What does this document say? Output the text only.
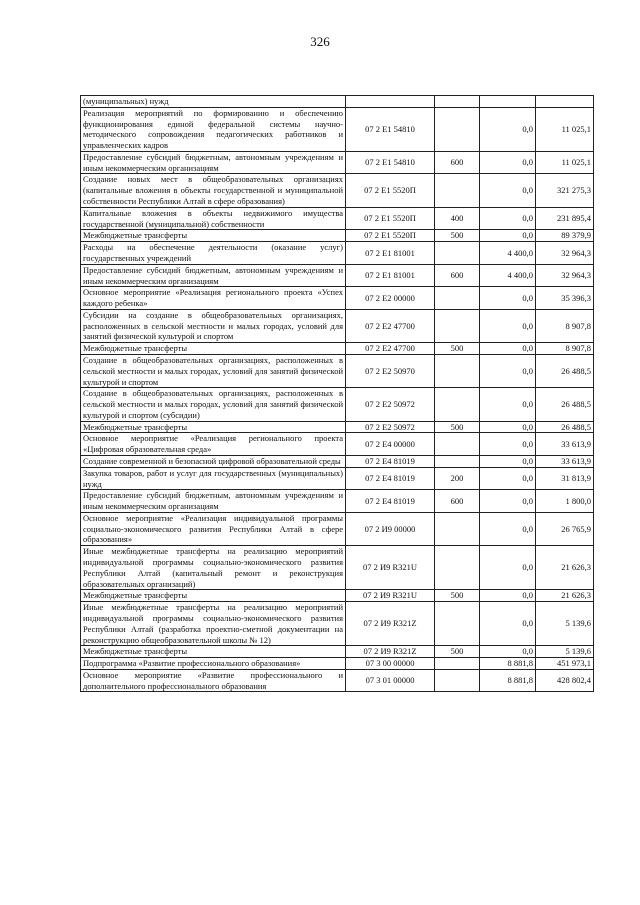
326
(муниципальных) нужд				
Реализация мероприятий по формированию и обеспечению функционирования единой федеральной системы научно-методического сопровождения педагогических работников и управленческих кадров	07 2 E1 54810		0,0	11 025,1
Предоставление субсидий бюджетным, автономным учреждениям и иным некоммерческим организациям	07 2 E1 54810	600	0,0	11 025,1
Создание новых мест в общеобразовательных организациях (капитальные вложения в объекты государственной и муниципальной собственности Республики Алтай в сфере образования)	07 2 E1 5520П		0,0	321 275,3
Капитальные вложения в объекты недвижимого имущества государственной (муниципальной) собственности	07 2 E1 5520П	400	0,0	231 895,4
Межбюджетные трансферты	07 2 E1 5520П	500	0,0	89 379,9
Расходы на обеспечение деятельности (оказание услуг) государственных учреждений	07 2 E1 81001		4 400,0	32 964,3
Предоставление субсидий бюджетным, автономным учреждениям и иным некоммерческим организациям	07 2 E1 81001	600	4 400,0	32 964,3
Основное мероприятие «Реализация регионального проекта «Успех каждого ребенка»	07 2 E2 00000		0,0	35 396,3
Субсидии на создание в общеобразовательных организациях, расположенных в сельской местности и малых городах, условий для занятий физической культурой и спортом	07 2 E2 47700		0,0	8 907,8
Межбюджетные трансферты	07 2 E2 47700	500	0,0	8 907,8
Создание в общеобразовательных организациях, расположенных в сельской местности и малых городах, условий для занятий физической культурой и спортом	07 2 E2 50970		0,0	26 488,5
Создание в общеобразовательных организациях, расположенных в сельской местности и малых городах, условий для занятий физической культурой и спортом (субсидии)	07 2 E2 50972		0,0	26 488,5
Межбюджетные трансферты	07 2 E2 50972	500	0,0	26 488,5
Основное мероприятие «Реализация регионального проекта «Цифровая образовательная среда»	07 2 E4 00000		0,0	33 613,9
Создание современной и безопасной цифровой образовательной среды	07 2 E4 81019		0,0	33 613,9
Закупка товаров, работ и услуг для государственных (муниципальных) нужд	07 2 E4 81019	200	0,0	31 813,9
Предоставление субсидий бюджетным, автономным учреждениям и иным некоммерческим организациям	07 2 E4 81019	600	0,0	1 800,0
Основное мероприятие «Реализация индивидуальной программы социально-экономического развития Республики Алтай в сфере образования»	07 2 И9 00000		0,0	26 765,9
Иные межбюджетные трансферты на реализацию мероприятий индивидуальной программы социально-экономического развития Республики Алтай (капитальный ремонт и реконструкция образовательных организаций)	07 2 И9 R321U		0,0	21 626,3
Межбюджетные трансферты	07 2 И9 R321U	500	0,0	21 626,3
Иные межбюджетные трансферты на реализацию мероприятий индивидуальной программы социально-экономического развития Республики Алтай (разработка проектно-сметной документации на реконструкцию общеобразовательной школы № 12)	07 2 И9 R321Z		0,0	5 139,6
Межбюджетные трансферты	07 2 И9 R321Z	500	0,0	5 139,6
Подпрограмма «Развитие профессионального образования»	07 3 00 00000		8 881,8	451 973,1
Основное мероприятие «Развитие профессионального и дополнительного профессионального образования	07 3 01 00000		8 881,8	428 802,4
